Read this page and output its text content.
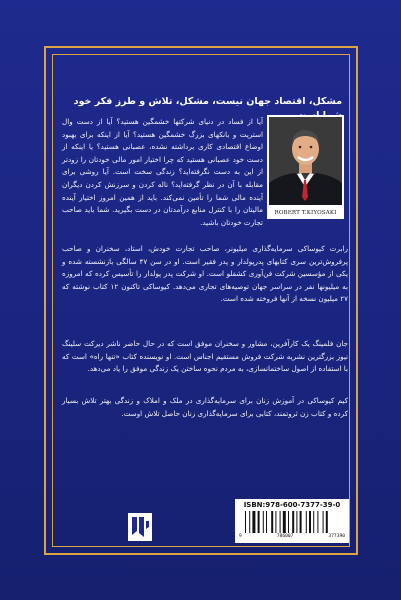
مشکل، اقتصاد جهان نیست، مشکل، تلاش و طرز فکر خود

آیا از فساد در دنیای شرکتها خشمگین هستید؟ آیا از دست وال استریت و بانکهای بزرگ خشمگین هستید؟ آیا از اینکه برای بهبود اوضاع اقتصادی کاری برداشته نشده، عصبانی هستید؟ یا اینکه از دست خود عصبانی هستید که چرا اختیار امور مالی خودتان را زودتر از این به دست نگرفته‌اید؟ زندگی سخت است. آیا روشی برای مقابله با آن در نظر گرفته‌اید؟ ناله کردن و سرزنش کردن دیگران آینده مالی شما را تأمین نمی‌کند. باید از همین امروز اختیار آینده مالیتان را با کنترل منابع درآمدتان در دست بگیرید. شما باید صاحب تجارت خودتان باشید.

ROBERT T.KIYOSAKI

رابرت کیوساکی سرمایه‌گذاری میلیونر، صاحب تجارت خودش، استاد، سخنران و صاحب پرفروش‌ترین سری کتابهای پدرپولدار و پدر فقیر است. او در سن ۴۷ سالگی بازنشسته شده و یکی از مؤسسین شرکت فن‌آوری کشفلو است. او شرکت پدر پولدار را تأسیس کرده که امروزه به میلیونها نفر در سراسر جهان توصیه‌های تجاری می‌دهد. کیوساکی تاکنون ۱۲ کتاب نوشته که ۲۷ میلیون نسخه از آنها فروخته شده است.

جان فلمینگ یک کارآفرین، مشاور و سخنران موفق است که در حال حاضر ناشر دیرکت سلینگ نیوز بزرگترین نشریه شرکت فروش مستقیم اجناس است. او نویسنده کتاب «تنها راه» است که با استفاده از اصول ساختمانسازی، به مردم نحوه ساختن یک زندگی موفق را یاد می‌دهد.

کیم کیوساکی در آموزش زنان برای سرمایه‌گذاری در ملک و املاک و زندگی بهتر تلاش بسیار کرده و کتاب زن ثروتمند، کتابی برای سرمایه‌گذاری زنان حاصل تلاش اوست.

ISBN:978-600-7377-39-0
9	786007	377390
